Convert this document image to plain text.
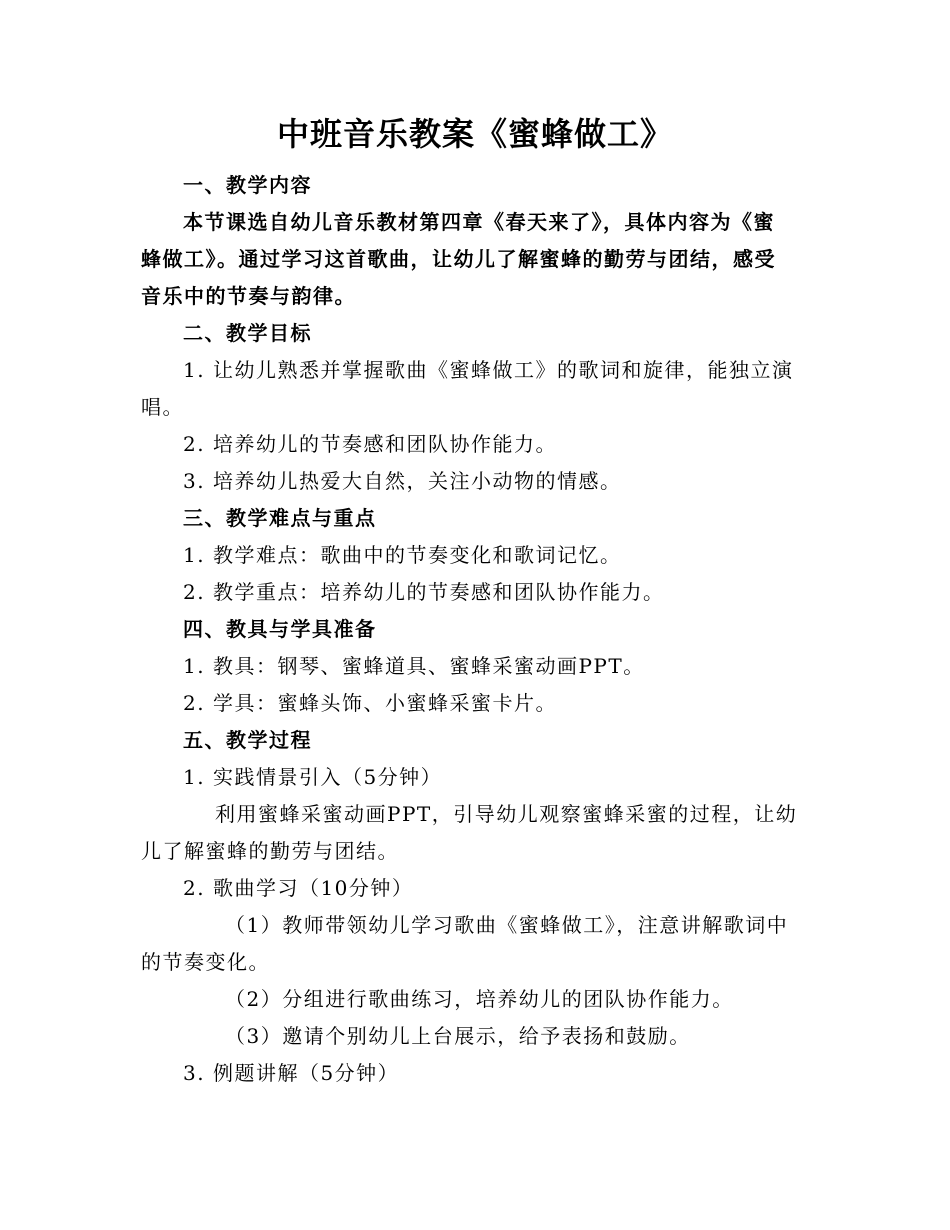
中班音乐教案《蜜蜂做工》
一、教学内容
本节课选自幼儿音乐教材第四章《春天来了》，具体内容为《蜜
蜂做工》。通过学习这首歌曲，让幼儿了解蜜蜂的勤劳与团结，感受
音乐中的节奏与韵律。
二、教学目标
1. 让幼儿熟悉并掌握歌曲《蜜蜂做工》的歌词和旋律，能独立演
唱。
2. 培养幼儿的节奏感和团队协作能力。
3. 培养幼儿热爱大自然，关注小动物的情感。
三、教学难点与重点
1. 教学难点：歌曲中的节奏变化和歌词记忆。
2. 教学重点：培养幼儿的节奏感和团队协作能力。
四、教具与学具准备
1. 教具：钢琴、蜜蜂道具、蜜蜂采蜜动画PPT。
2. 学具：蜜蜂头饰、小蜜蜂采蜜卡片。
五、教学过程
1. 实践情景引入（5分钟）
利用蜜蜂采蜜动画PPT，引导幼儿观察蜜蜂采蜜的过程，让幼
儿了解蜜蜂的勤劳与团结。
2. 歌曲学习（10分钟）
（1）教师带领幼儿学习歌曲《蜜蜂做工》，注意讲解歌词中
的节奏变化。
（2）分组进行歌曲练习，培养幼儿的团队协作能力。
（3）邀请个别幼儿上台展示，给予表扬和鼓励。
3. 例题讲解（5分钟）
